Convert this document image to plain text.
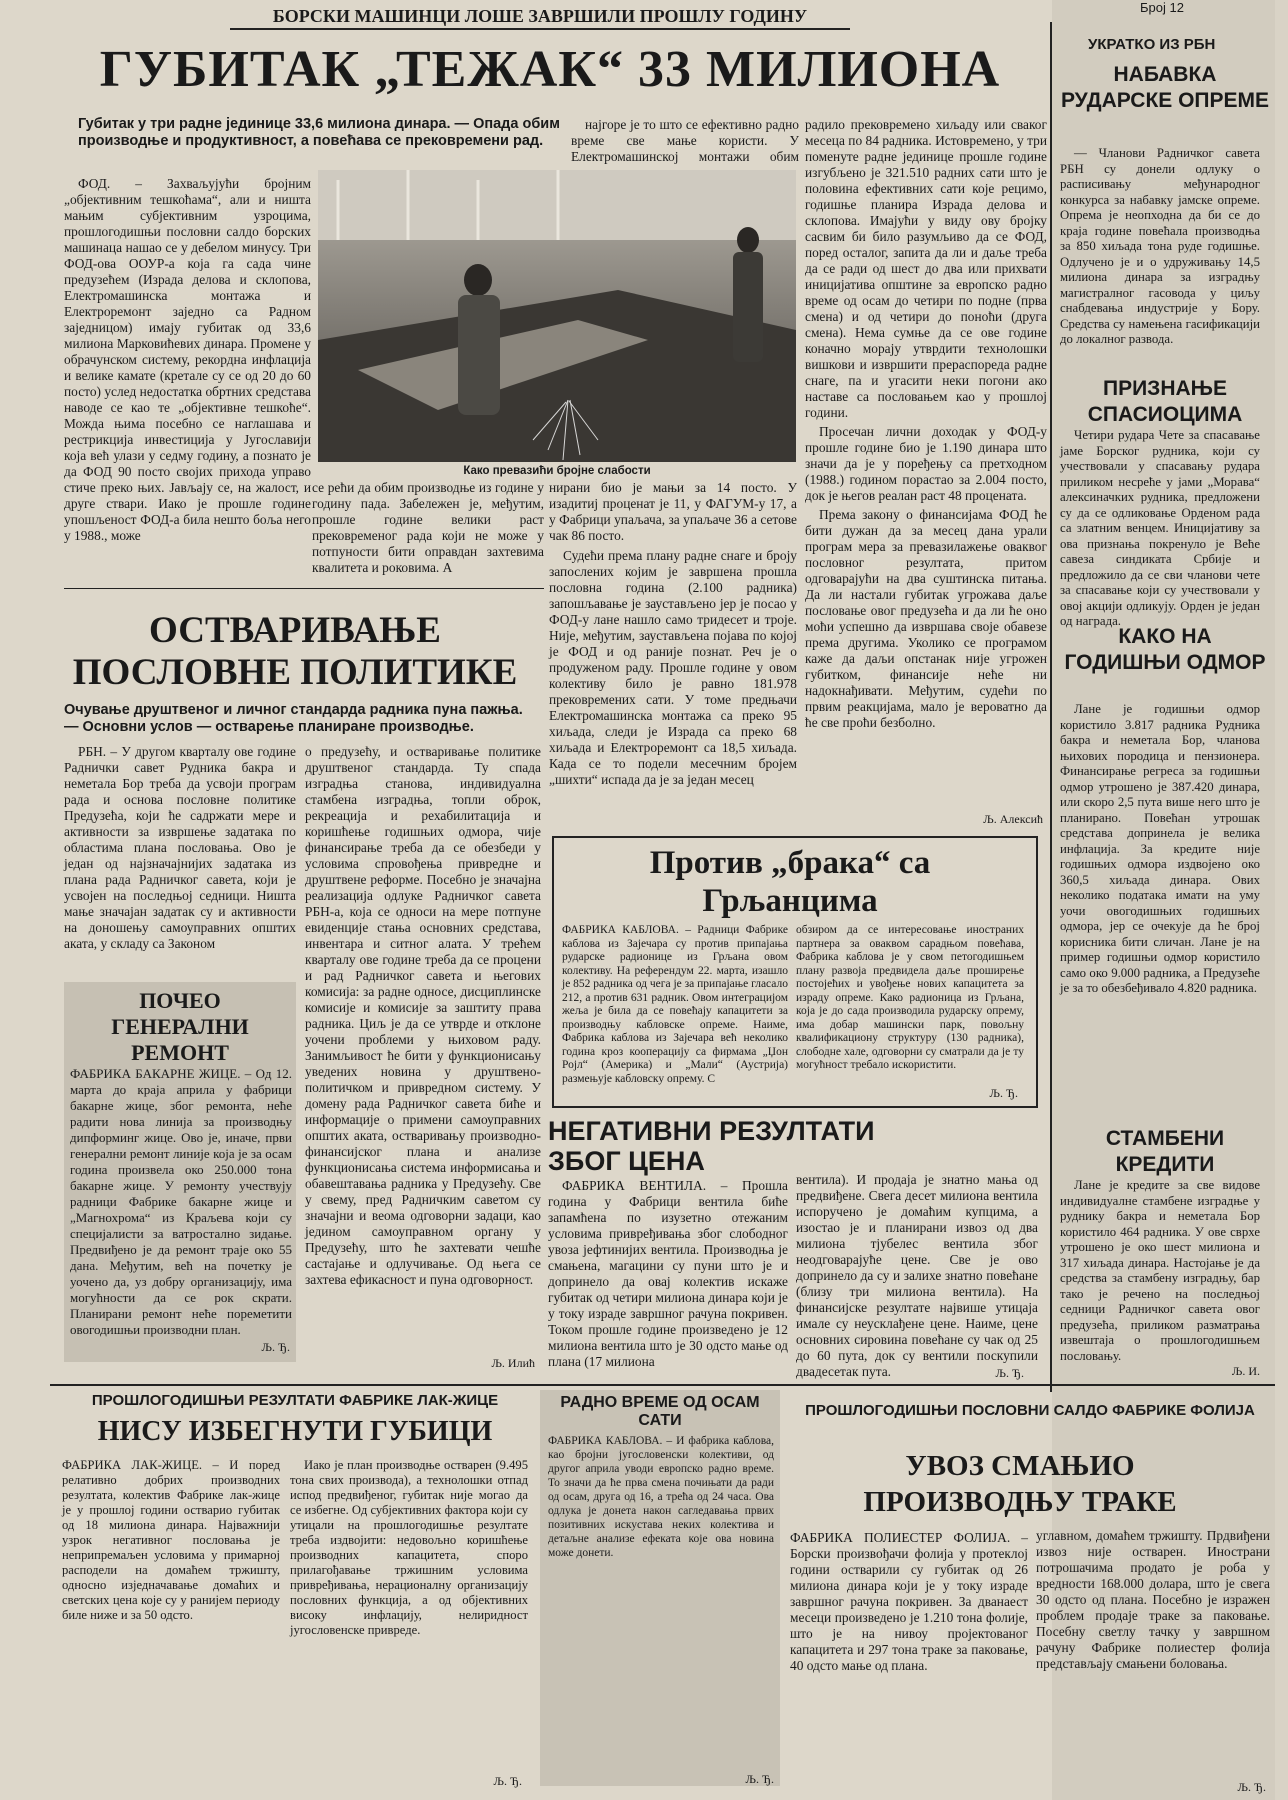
Број 12
БОРСКИ МАШИНЦИ ЛОШЕ ЗАВРШИЛИ ПРОШЛУ ГОДИНУ
ГУБИТАК „ТЕЖАК“ 33 МИЛИОНА
Губитак у три радне јединице 33,6 милиона динара. — Опада обим производње и продуктивност, а повећава се прековремени рад.

ФОД. – Захваљујући бројним „објективним тешкоћама“, али и ништа мањим субјективним узроцима, прошлогодишњи пословни салдо борских машинаца нашао се у дебелом минусу. Три ФОД-ова ООУР-а која га сада чине предузећем (Израда делова и склопова, Електромашинска монтажа и Електроремонт заједно са Радном заједницом) имају губитак од 33,6 милиона Марковићевих динара. Промене у обрачунском систему, рекордна инфлација и велике камате (кретале су се од 20 до 60 посто) услед недостатка обртних средстава наводе се као те „објективне тешкоће“. Можда њима посебно се наглашава и рестрикција инвестиција у Југославији која већ улази у седму годину, а познато је да ФОД 90 посто својих прихода управо стиче преко њих. Јављају се, на жалост, и друге ствари. Иако је прошле године упошљеност ФОД-а била нешто боља него у 1988., може

најгоре је то што се ефективно радно време све мање користи. У Електромашинској монтажи обим

Како превазићи бројне слабости

се рећи да обим производње из године у годину пада. Забележен је, међутим, прошле године велики раст прековременог рада који не може у потпуности бити оправдан захтевима квалитета и роковима. А

нирани био је мањи за 14 посто. У изадитиј проценат је 11, у ФАГУМ-у 17, а у Фабрици упаљача, за упаљаче 36 а сетове чак 86 посто.

Судећи према плану радне снаге и броју запослених којим је завршена прошла пословна година (2.100 радника) запошљавање је заустављено јер је посао у ФОД-у лане нашло само тридесет и троје. Није, међутим, заустављена појава по којој је ФОД и од раније познат. Реч је о продуженом раду. Прошле године у овом колективу било је равно 181.978 прековремених сати. У томе предњачи Електромашинска монтажа са преко 95 хиљада, следи је Израда са преко 68 хиљада и Електроремонт са 18,5 хиљада. Када се то подели месечним бројем „шихти“ испада да је за један месец

радило прековремено хиљаду или сваког месеца по 84 радника. Истовремено, у три поменуте радне јединице прошле године изгубљено је 321.510 радних сати што је половина ефективних сати које рецимо, годишње планира Израда делова и склопова. Имајући у виду ову бројку сасвим би било разумљиво да се ФОД, поред осталог, запита да ли и даље треба да се ради од шест до два или прихвати иницијатива општине за европско радно време од осам до четири по подне (прва смена) и од четири до поноћи (друга смена). Нема сумње да се ове године коначно морају утврдити технолошки вишкови и извршити прераспоредa радне снаге, па и угасити неки погони ако наставе са пословањем као у прошлој години.

Просечан лични доходак у ФОД-у прошле године био је 1.190 динара што значи да је у поређењу са претходном (1988.) годином порастао за 2.004 посто, док је његов реалан раст 48 процената.

Према закону о финансијама ФОД ће бити дужан да за месец дана урали програм мера за превазилажење оваквог пословног резултата, притом одговарајући на два суштинска питања. Да ли настали губитак угрожава даље пословање овог предузећа и да ли ће оно моћи успешно да извршава своје обавезе према другима. Уколико се програмом каже да даљи опстанак није угрожен губитком, финансије неће ни надокнађивати. Међутим, судећи по првим реакцијама, мало је вероватно да ће све проћи безболно.

Љ. Алексић
ОСТВАРИВАЊЕ ПОСЛОВНЕ ПОЛИТИКЕ
Очување друштвеног и личног стандарда радника пуна пажња. — Основни услов — остварење планиране производње.

РБН. – У другом кварталу ове године Раднички савет Рудника бакра и неметала Бор треба да усвоји програм рада и основа пословне политике Предузећа, који ће садржати мере и активности за извршење задатака по областима плана пословања. Ово је један од најзначајнијих задатака из плана рада Радничког савета, који је усвојен на последњој седници. Ништа мање значајан задатак су и активности на доношењу самоуправних општих аката, у складу са Законом

о предузећу, и остваривање политике друштвеног стандарда. Ту спада изградња станова, индивидуална стамбена изградња, топли оброк, рекреација и рехабилитација и коришћење годишњих одмора, чије финансирање треба да се обезбеди у условима спровођења привредне и друштвене реформе. Посебно је значајна реализација одлуке Радничког савета РБН-а, која се односи на мере потпуне евиденције стања основних средстава, инвентара и ситног алата. У трећем кварталу ове године треба да се процени и рад Радничког савета и његових комисија: за радне односе, дисциплинске комисије и комисије за заштиту права радника. Циљ је да се утврде и отклоне уочени проблеми у њиховом раду. Занимљивост ће бити у функционисању уведених новина у друштвено-политичком и привредном систему. У домену рада Радничког савета биће и информације о примени самоуправних општих аката, остваривању производно-финансијског плана и анализе функционисања система информисања и обавештавања радника у Предузећу. Све у свему, пред Радничким саветом су значајни и веома одговорни задаци, као једином самоуправном органу у Предузећу, што ће захтевати чешће састајање и одлучивање. Од њега се захтева ефикасност и пуна одговорност.

Љ. Илић
ПОЧЕО ГЕНЕРАЛНИ РЕМОНТ

ФАБРИКА БАКАРНЕ ЖИЦЕ. – Од 12. марта до краја априла у фабрици бакарне жице, због ремонта, неће радити нова линија за производњу дипформинг жице. Ово је, иначе, први генерални ремонт линије која је за осам година произвела око 250.000 тона бакарне жице. У ремонту учествују радници Фабрике бакарне жице и „Магнохрома“ из Краљева који су специјалисти за ватростално зидање. Предвиђено је да ремонт траје око 55 дана. Међутим, већ на почетку је уочено да, уз добру организацију, има могућности да се рок скрати. Планирани ремонт неће пореметити овогодишњи производни план.

Љ. Ђ.
Против „брака“ са Грљанцима

ФАБРИКА КАБЛОВА. – Радници Фабрике каблова из Зајечара су против припајања рударске радионице из Грљана овом колективу. На референдум 22. марта, изашло је 852 радника од чега је за припајање гласало 212, а против 631 радник. Овом интеграцијом жеља је била да се повећају капацитети за производњу кабловске опреме. Наиме, Фабрика каблова из Зајечара већ неколико година кроз кооперацију са фирмама „Џон Ројл“ (Америка) и „Мали“ (Аустрија) размењује кабловску опрему. С

обзиром да се интересовање иностраних партнера за оваквом сарадњом повећава, Фабрика каблова је у свом петогодишњем плану развоја предвидела даље проширење постојећих и увођење нових капацитета за израду опреме. Како радионица из Грљана, која је до сада производила рударску опрему, има добар машински парк, повољну квалификациону структуру (130 радника), слободне хале, одговорни су сматрали да је ту могућност требало искористити.

Љ. Ђ.
НЕГАТИВНИ РЕЗУЛТАТИ ЗБОГ ЦЕНА

ФАБРИКА ВЕНТИЛА. – Прошла година у Фабрици вентила биће запамћена по изузетно отежаним условима привређивања због слободног увоза јефтинијих вентила. Производња је смањена, магацини су пуни што је и допринело да овај колектив искаже губитак од четири милиона динара који је у току израде завршног рачуна покривен. Током прошле године произведено је 12 милиона вентила што је 30 одсто мање од плана (17 милиона

вентила). И продаја је знатно мања од предвиђене. Свега десет милиона вентила испоручено је домаћим купцима, а изостао је и планирани извоз од два милиона тјубелес вентила због неодговарајуће цене. Све је ово допринело да су и залихе знатно повећане (близу три милиона вентила). На финансијске резултате највише утицаја имале су неусклађене цене. Наиме, цене основних сировина повећане су чак од 25 до 60 пута, док су вентили поскупили двадесетак пута.	Љ. Ђ.
ПРОШЛОГОДИШЊИ РЕЗУЛТАТИ ФАБРИКЕ ЛАК-ЖИЦЕ
НИСУ ИЗБЕГНУТИ ГУБИЦИ

ФАБРИКА ЛАК-ЖИЦЕ. – И поред релативно добрих производних резултата, колектив Фабрике лак-жице је у прошлој години остварио губитак од 18 милиона динара. Најважнији узрок негативног пословања је неприпремаљен условима у примарној расподели на домаћем тржишту, односно изједначавање домаћих и светских цена које су у ранијем периоду биле ниже и за 50 одсто.

Иако је план производње остварен (9.495 тона свих производа), а технолошки отпад испод предвиђеног, губитак није могао да се избегне. Од субјективних фактора који су утицали на прошлогодишње резултате треба издвојити: недовољно коришћење производних капацитета, споро прилагођавање тржишним условима привређивања, нерационалну организацију пословних функција, а од објективних високу инфлацију, нелиридност југословенске привреде.

Љ. Ђ.
РАДНО ВРЕМЕ ОД ОСАМ САТИ

ФАБРИКА КАБЛОВА. – И фабрика каблова, као бројни југословенски колективи, од другог априла уводи европско радно време. То значи да ће прва смена почињати да ради од осам, друга од 16, а трећа од 24 часа. Ова одлука је донета након сагледавања првих позитивних искустава неких колектива и детаљне анализе ефеката које ова новина може донети.

Љ. Ђ.
ПРОШЛОГОДИШЊИ ПОСЛОВНИ САЛДО ФАБРИКЕ ФОЛИЈА
УВОЗ СМАЊИО ПРОИЗВОДЊУ ТРАКЕ

ФАБРИКА ПОЛИЕСТЕР ФОЛИЈА. – Борски произвођачи фолија у протеклој години остварили су губитак од 26 милиона динара који је у току израде завршног рачуна покривен. За дванаест месеци произведено је 1.210 тона фолије, што је на нивоу пројектованог капацитета и 297 тона траке за паковање, 40 одсто мање од плана.

углавном, домаћем тржишту. Прдвиђени извоз није остварен. Инострани потрошачима продато је роба у вредности 168.000 долара, што је свега 30 одсто од плана. Посебно је изражен проблем продаје траке за паковање. Посебну светлу тачку у завршном рачуну Фабрике полиестер фолија представљају смањени боловања.

Љ. Ђ.
УКРАТКО ИЗ РБН
НАБАВКА РУДАРСКЕ ОПРЕМЕ

— Чланови Радничког савета РБН су донели одлуку о расписивању међународног конкурса за набавку јамске опреме. Опрема је неопходна да би се до краја године повећала производња за 850 хиљада тона руде годишње. Одлучено је и о удруживању 14,5 милиона динара за изградњу магистралног гасовода у циљу снабдевања индустрије у Бору. Средства су намењена гасификацији до локалног развода.

ПРИЗНАЊЕ СПАСИОЦИМА

Четири рудара Чете за спасавање јаме Борског рудника, који су учествовали у спасавању рудара приликом несреће у јами „Морава“ алексиначких рудника, предложени су да се одликовање Орденом рада са златним венцем. Иницијативу за ова признања покренуло је Веће савеза синдиката Србије и предложило да се сви чланови чете за спасавање који су учествовали у овој акцији одликују. Орден је један од награда.

КАКО НА ГОДИШЊИ ОДМОР

Лане је годишњи одмор користило 3.817 радника Рудника бакра и неметала Бор, чланова њихових породица и пензионера. Финансирање регреса за годишњи одмор утрошено је 387.420 динара, или скоро 2,5 пута више него што је планирано. Повећан утрошак средстава допринела је велика инфлација. За кредите није годишњих одмора издвојено око 360,5 хиљада динара. Ових неколико података имати на уму уочи овогодишњих годишњих одмора, јер се очекује да ће број корисника бити сличан. Лане је на пример годишњи одмор користило само око 9.000 радника, а Предузеће је за то обезбеђивало 4.820 радника.

СТАМБЕНИ КРЕДИТИ

Лане је кредите за све видове индивидуалне стамбене изградње у руднику бакра и неметала Бор користило 464 радника. У ове сврхе утрошено је око шест милиона и 317 хиљада динара. Настојање је да средства за стамбену изградњу, бар тако је речено на последњој седници Радничког савета овог предузећа, приликом разматрања извештаја о прошлогодишњем пословању.

Љ. И.
